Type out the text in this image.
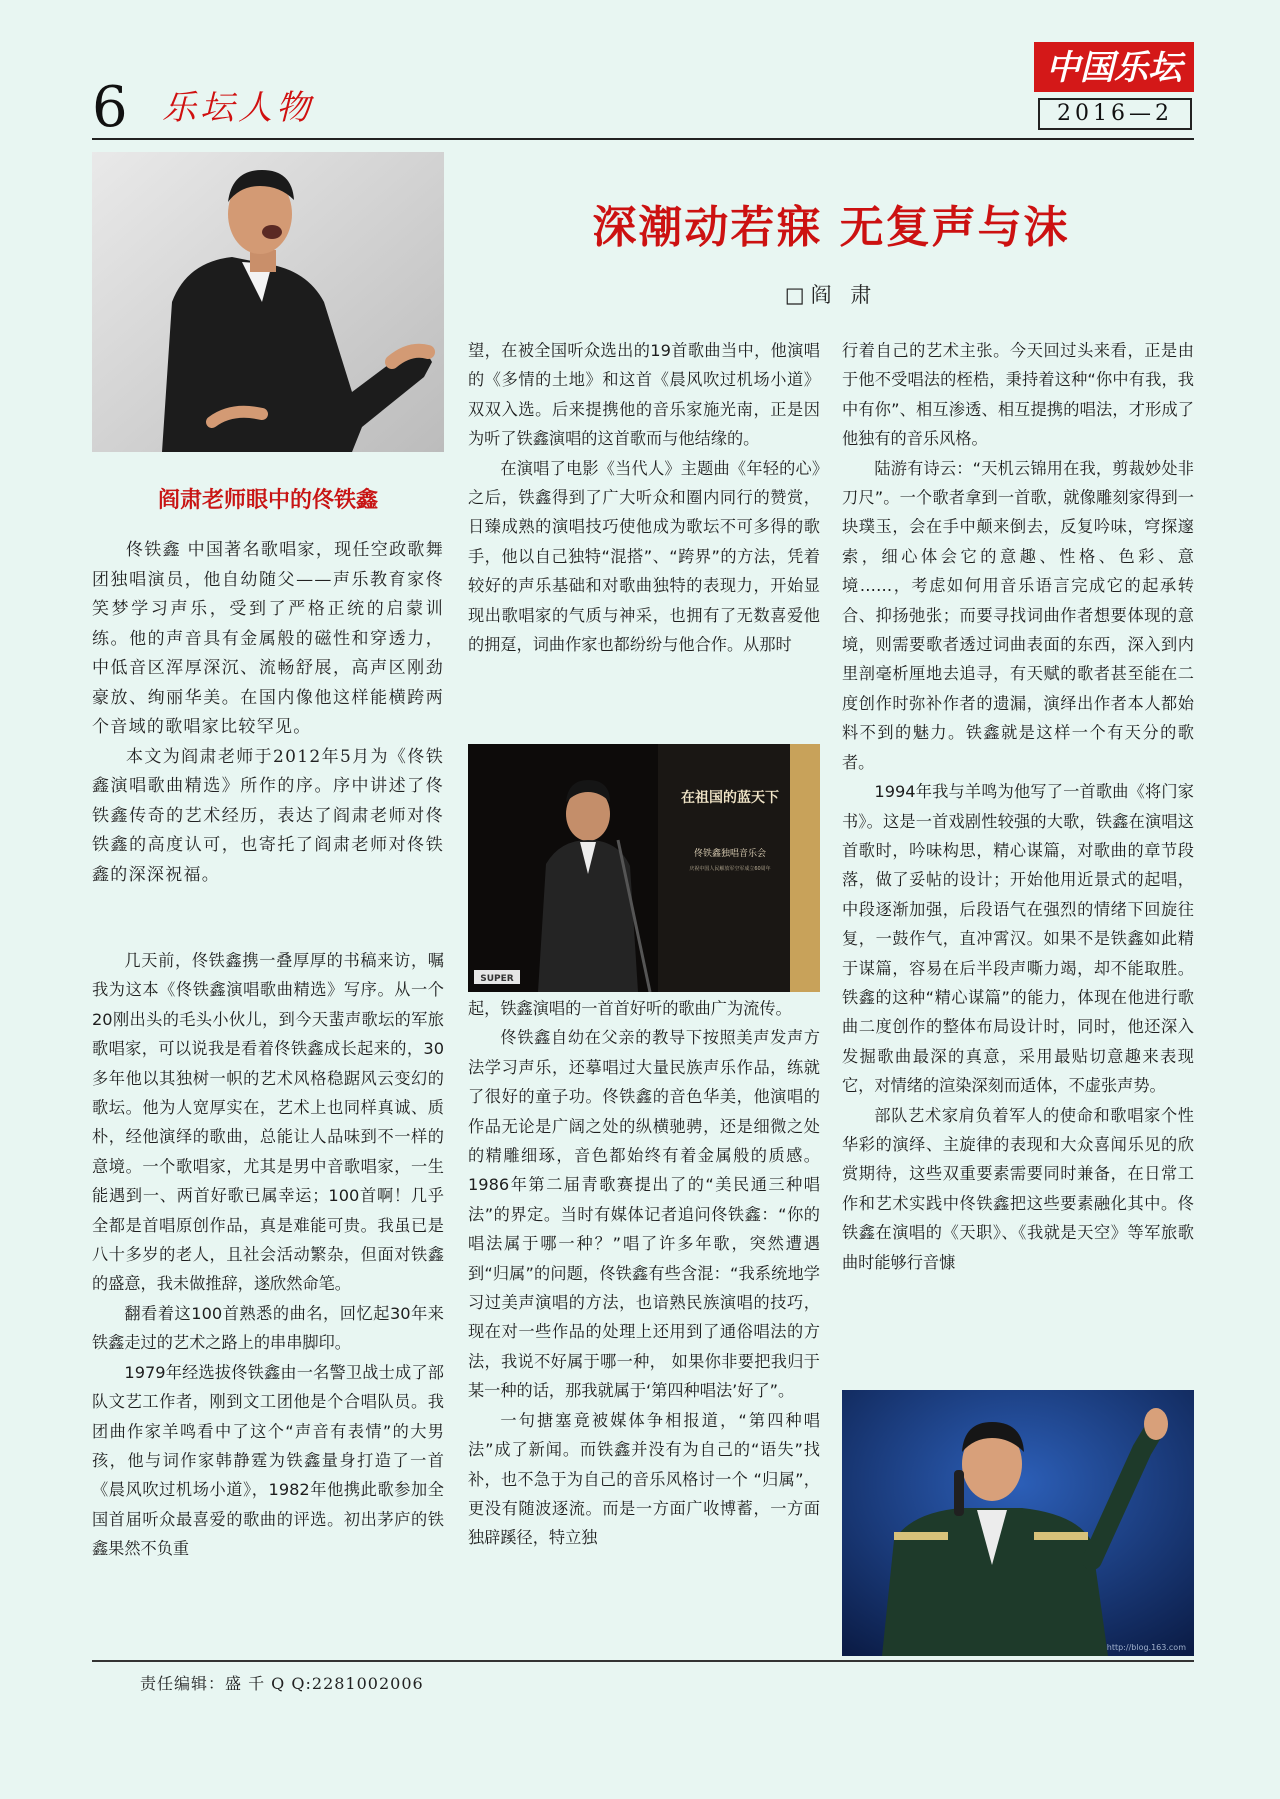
6 乐坛人物
中国乐坛
2016—2
阎肃老师眼中的佟铁鑫

佟铁鑫 中国著名歌唱家，现任空政歌舞团独唱演员，他自幼随父——声乐教育家佟笑梦学习声乐，受到了严格正统的启蒙训练。他的声音具有金属般的磁性和穿透力，中低音区浑厚深沉、流畅舒展，高声区刚劲豪放、绚丽华美。在国内像他这样能横跨两个音域的歌唱家比较罕见。

本文为阎肃老师于2012年5月为《佟铁鑫演唱歌曲精选》所作的序。序中讲述了佟铁鑫传奇的艺术经历，表达了阎肃老师对佟铁鑫的高度认可，也寄托了阎肃老师对佟铁鑫的深深祝福。

深潮动若寐 无复声与沫
□阎 肃

几天前，佟铁鑫携一叠厚厚的书稿来访，嘱我为这本《佟铁鑫演唱歌曲精选》写序。从一个20刚出头的毛头小伙儿，到今天蜚声歌坛的军旅歌唱家，可以说我是看着佟铁鑫成长起来的，30多年他以其独树一帜的艺术风格稳踞风云变幻的歌坛。他为人宽厚实在，艺术上也同样真诚、质朴，经他演绎的歌曲，总能让人品味到不一样的意境。一个歌唱家，尤其是男中音歌唱家，一生能遇到一、两首好歌已属幸运；100首啊！几乎全都是首唱原创作品，真是难能可贵。我虽已是八十多岁的老人，且社会活动繁杂，但面对铁鑫的盛意，我未做推辞，遂欣然命笔。

翻看着这100首熟悉的曲名，回忆起30年来铁鑫走过的艺术之路上的串串脚印。

1979年经选拔佟铁鑫由一名警卫战士成了部队文艺工作者，刚到文工团他是个合唱队员。我团曲作家羊鸣看中了这个“声音有表情”的大男孩，他与词作家韩静霆为铁鑫量身打造了一首《晨风吹过机场小道》，1982年他携此歌参加全国首届听众最喜爱的歌曲的评选。初出茅庐的铁鑫果然不负重

望，在被全国听众选出的19首歌曲当中，他演唱的《多情的土地》和这首《晨风吹过机场小道》双双入选。后来提携他的音乐家施光南，正是因为听了铁鑫演唱的这首歌而与他结缘的。

在演唱了电影《当代人》主题曲《年轻的心》之后，铁鑫得到了广大听众和圈内同行的赞赏，日臻成熟的演唱技巧使他成为歌坛不可多得的歌手，他以自己独特“混搭”、“跨界”的方法，凭着较好的声乐基础和对歌曲独特的表现力，开始显现出歌唱家的气质与神采，也拥有了无数喜爱他的拥趸，词曲作家也都纷纷与他合作。从那时

在祖国的蓝天下
佟铁鑫独唱音乐会
庆祝中国人民解放军空军成立60周年
SUPER

起，铁鑫演唱的一首首好听的歌曲广为流传。

佟铁鑫自幼在父亲的教导下按照美声发声方法学习声乐，还摹唱过大量民族声乐作品，练就了很好的童子功。佟铁鑫的音色华美，他演唱的作品无论是广阔之处的纵横驰骋，还是细微之处的精雕细琢，音色都始终有着金属般的质感。1986年第二届青歌赛提出了的“美民通三种唱法”的界定。当时有媒体记者追问佟铁鑫：“你的唱法属于哪一种？”唱了许多年歌，突然遭遇到“归属”的问题，佟铁鑫有些含混：“我系统地学习过美声演唱的方法，也谙熟民族演唱的技巧，现在对一些作品的处理上还用到了通俗唱法的方法，我说不好属于哪一种， 如果你非要把我归于某一种的话，那我就属于‘第四种唱法’好了”。

一句搪塞竟被媒体争相报道，“第四种唱法”成了新闻。而铁鑫并没有为自己的“语失”找补，也不急于为自己的音乐风格讨一个 “归属”，更没有随波逐流。而是一方面广收博蓄，一方面独辟蹊径，特立独

行着自己的艺术主张。今天回过头来看，正是由于他不受唱法的桎梏，秉持着这种“你中有我，我中有你”、相互渗透、相互提携的唱法，才形成了他独有的音乐风格。

陆游有诗云：“天机云锦用在我，剪裁妙处非刀尺”。一个歌者拿到一首歌，就像雕刻家得到一块璞玉，会在手中颠来倒去，反复吟味，穹探邃索，细心体会它的意趣、性格、色彩、意境……，考虑如何用音乐语言完成它的起承转合、抑扬弛张；而要寻找词曲作者想要体现的意境，则需要歌者透过词曲表面的东西，深入到内里剖毫析厘地去追寻，有天赋的歌者甚至能在二度创作时弥补作者的遗漏，演绎出作者本人都始料不到的魅力。铁鑫就是这样一个有天分的歌者。

1994年我与羊鸣为他写了一首歌曲《将门家书》。这是一首戏剧性较强的大歌，铁鑫在演唱这首歌时，吟味构思，精心谋篇，对歌曲的章节段落，做了妥帖的设计；开始他用近景式的起唱，中段逐渐加强，后段语气在强烈的情绪下回旋往复，一鼓作气，直冲霄汉。如果不是铁鑫如此精于谋篇，容易在后半段声嘶力竭，却不能取胜。铁鑫的这种“精心谋篇”的能力，体现在他进行歌曲二度创作的整体布局设计时，同时，他还深入发掘歌曲最深的真意，采用最贴切意趣来表现它，对情绪的渲染深刻而适体，不虚张声势。

部队艺术家肩负着军人的使命和歌唱家个性华彩的演绎、主旋律的表现和大众喜闻乐见的欣赏期待，这些双重要素需要同时兼备，在日常工作和艺术实践中佟铁鑫把这些要素融化其中。佟铁鑫在演唱的《天职》、《我就是天空》等军旅歌曲时能够行音慷

http://blog.163.com
责任编辑：盛 千 Q Q:2281002006
